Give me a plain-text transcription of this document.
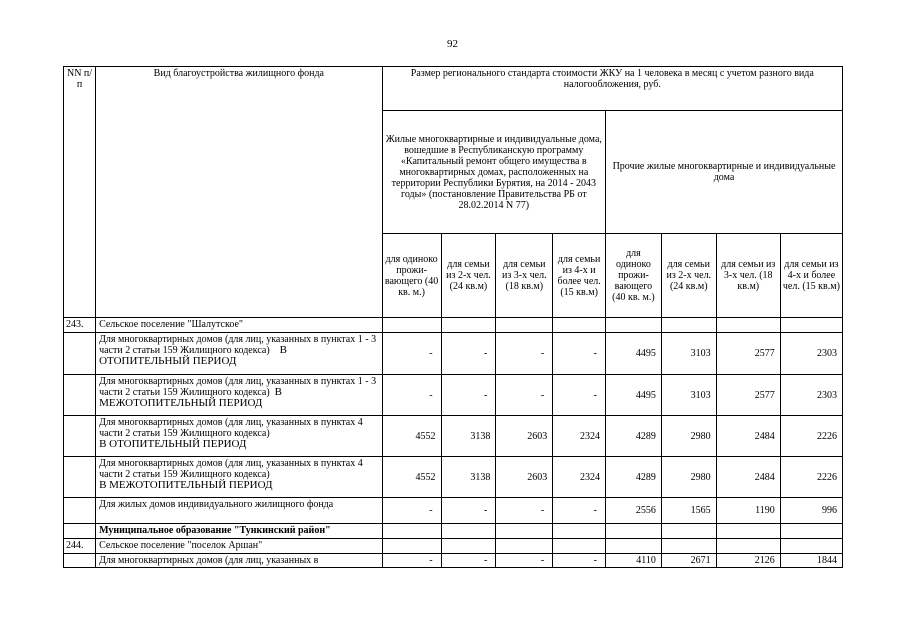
92
NN п/п	Вид благоустройства жилищного фонда	Размер регионального стандарта стоимости ЖКУ на 1 человека в месяц с учетом разного вида налогообложения, руб.							
		Жилые многоквартирные и индивидуальные дома, вошедшие в Республиканскую программу «Капитальный ремонт общего имущества в многоквартирных домах, расположенных на территории Республики Бурятия, на 2014 - 2043 годы» (постановление Правительства РБ от 28.02.2014 N 77)				Прочие жилые многоквартирные и индивидуальные дома			
		для одиноко прожи-вающего (40 кв. м.)	для семьи из 2-х чел. (24 кв.м)	для семьи из 3-х чел. (18 кв.м)	для семьи из 4-х и более чел. (15 кв.м)	для одиноко прожи-вающего (40 кв. м.)	для семьи из 2-х чел. (24 кв.м)	для семьи из 3-х чел. (18 кв.м)	для семьи из 4-х и более чел. (15 кв.м)
243.	Сельское поселение "Шалутское"								
	Для многоквартирных домов (для лиц, указанных в пунктах 1 - 3 части 2 статьи 159 Жилищного кодекса) В ОТОПИТЕЛЬНЫЙ ПЕРИОД	-	-	-	-	4495	3103	2577	2303
	Для многоквартирных домов (для лиц, указанных в пунктах 1 - 3 части 2 статьи 159 Жилищного кодекса) В МЕЖОТОПИТЕЛЬНЫЙ ПЕРИОД	-	-	-	-	4495	3103	2577	2303
	Для многоквартирных домов (для лиц, указанных в пунктах 4 части 2 статьи 159 Жилищного кодекса)
В ОТОПИТЕЛЬНЫЙ ПЕРИОД	4552	3138	2603	2324	4289	2980	2484	2226
	Для многоквартирных домов (для лиц, указанных в пунктах 4 части 2 статьи 159 Жилищного кодекса)
В МЕЖОТОПИТЕЛЬНЫЙ ПЕРИОД	4552	3138	2603	2324	4289	2980	2484	2226
	Для жилых домов индивидуального жилищного фонда	-	-	-	-	2556	1565	1190	996
	Муниципальное образование "Тункинский район"								
244.	Сельское поселение "поселок Аршан"								
	Для многоквартирных домов (для лиц, указанных в	-	-	-	-	4110	2671	2126	1844
